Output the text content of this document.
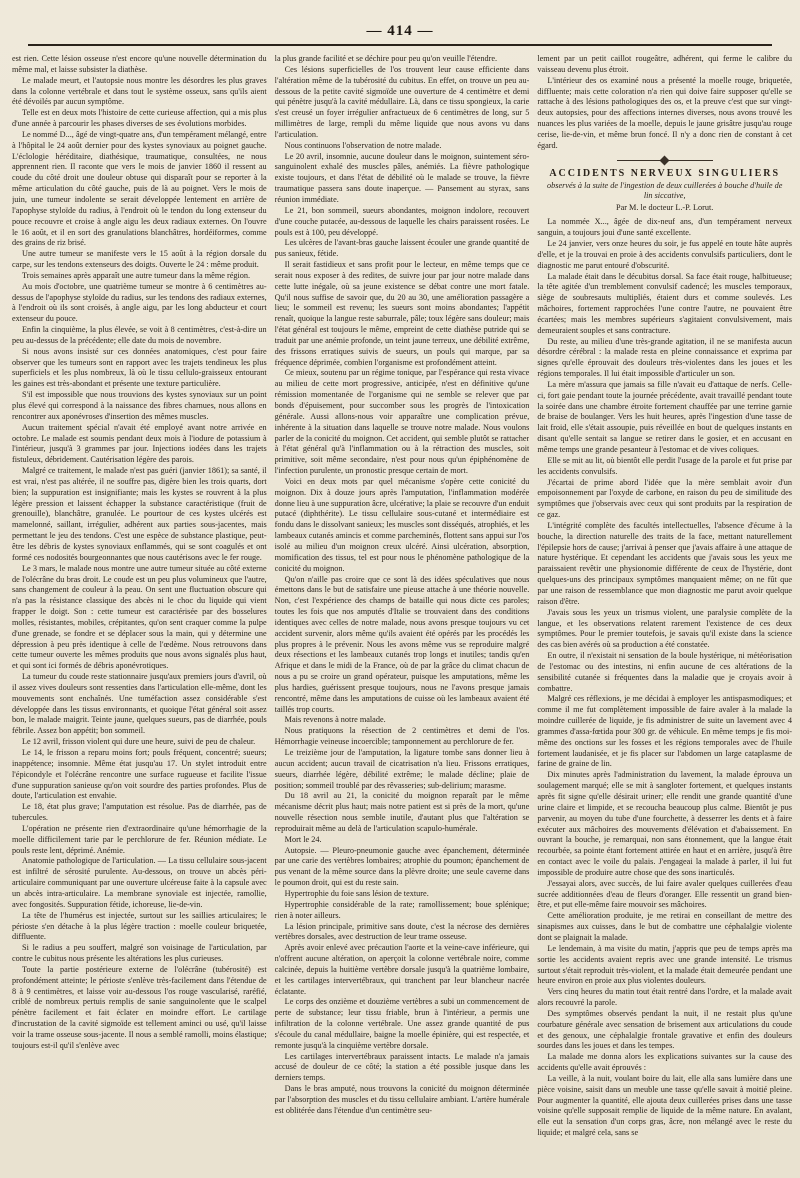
— 414 —

est rien. Cette lésion osseuse n'est encore qu'une nouvelle détermination du même mal, et laisse subsister la diathèse.

Le malade meurt, et l'autopsie nous montre les désordres les plus graves dans la colonne vertébrale et dans tout le système osseux, sans qu'ils aient été dévoilés par aucun symptôme.

Telle est en deux mots l'histoire de cette curieuse affection, qui a mis plus d'une année à parcourir les phases diverses de ses évolutions morbides.

Le nommé D..., âgé de vingt-quatre ans, d'un tempérament mélangé, entre à l'hôpital le 24 août dernier pour des kystes synoviaux au poignet gauche. L'éclologie héréditaire, diathésique, traumatique, consultées, ne nous apprennent rien. Il raconte que vers le mois de janvier 1860 il ressent au coude du côté droit une douleur obtuse qui disparaît pour se reporter à la même articulation du côté gauche, puis de là au poignet. Vers le mois de juin, une tumeur indolente se serait développée lentement en arrière de l'apophyse styloïde du radius, à l'endroit où le tendon du long extenseur du pouce recouvre et croise à angle aigu les deux radiaux externes. On l'ouvre le 16 août, et il en sort des granulations blanchâtres, hordéiformes, comme des grains de riz brisé.

Une autre tumeur se manifeste vers le 15 août à la région dorsale du carpe, sur les tendons extenseurs des doigts. Ouverte le 24 : même produit.

Trois semaines après apparaît une autre tumeur dans la même région.

Au mois d'octobre, une quatrième tumeur se montre à 6 centimètres au-dessus de l'apophyse styloïde du radius, sur les tendons des radiaux externes, à l'endroit où ils sont croisés, à angle aigu, par les long abducteur et court extenseur du pouce.

Enfin la cinquième, la plus élevée, se voit à 8 centimètres, c'est-à-dire un peu au-dessus de la précédente; elle date du mois de novembre.

Si nous avons insisté sur ces données anatomiques, c'est pour faire observer que les tumeurs sont en rapport avec les trajets tendineux les plus superficiels et les plus nombreux, là où le tissu cellulo-graisseux entourant les gaines est très-abondant et présente une texture particulière.

S'il est impossible que nous trouvions des kystes synoviaux sur un point plus élevé qui correspond à la naissance des fibres charnues, nous allons en rencontrer aux aponévroses d'insertion des mêmes muscles.

Aucun traitement spécial n'avait été employé avant notre arrivée en octobre. Le malade est soumis pendant deux mois à l'iodure de potassium à l'intérieur, jusqu'à 3 grammes par jour. Injections iodées dans les trajets fistuleux, débridement. Cautérisation légère des parois.

Malgré ce traitement, le malade n'est pas guéri (janvier 1861); sa santé, il est vrai, n'est pas altérée, il ne souffre pas, digère bien les trois quarts, dort bien; la suppuration est insignifiante; mais les kystes se rouvrent à la plus légère pression et laissent échapper la substance caractéristique (fruit de grenouille), blanchâtre, granulée. Le pourtour de ces kystes ulcérés est mamelonné, saillant, irrégulier, adhérent aux parties sous-jacentes, mais permettant le jeu des tendons. C'est une espèce de substance plastique, peut-être les débris de kystes synoviaux enflammés, qui se sont coagulés et ont formé ces nodosités bourgeonnantes que nous cautérisons avec le fer rouge.

Le 3 mars, le malade nous montre une autre tumeur située au côté externe de l'olécrâne du bras droit. Le coude est un peu plus volumineux que l'autre, sans changement de couleur à la peau. On sent une fluctuation obscure qui n'a pas la résistance classique des abcès ni le choc du liquide qui vient frapper le doigt. Son : cette tumeur est caractérisée par des bosselures molles, résistantes, mobiles, crépitantes, qu'on sent craquer comme la pulpe d'une grenade, se fondre et se déplacer sous la main, qui y détermine une dépression à peu près identique à celle de l'œdème. Nous retrouvons dans cette tumeur ouverte les mêmes produits que nous avons signalés plus haut, et qui sont ici formés de débris aponévrotiques.

La tumeur du coude reste stationnaire jusqu'aux premiers jours d'avril, où il assez vives douleurs sont ressenties dans l'articulation elle-même, dont les mouvements sont enchaînés. Une tuméfaction assez considérable s'est développée dans les tissus environnants, et quoique l'état général soit assez bon, le malade maigrit. Teinte jaune, quelques sueurs, pas de diarrhée, pouls fébrile. Assez bon appétit; bon sommeil.

Le 12 avril, frisson violent qui dure une heure, suivi de peu de chaleur.

Le 14, le frisson a reparu moins fort; pouls fréquent, concentré; sueurs; inappétence; insomnie. Même état jusqu'au 17. Un stylet introduit entre l'épicondyle et l'olécrâne rencontre une surface rugueuse et facilite l'issue d'une suppuration sanieuse qu'on voit sourdre des parties profondes. Plus de doute, l'articulation est envahie.

Le 18, état plus grave; l'amputation est résolue. Pas de diarrhée, pas de tubercules.

L'opération ne présente rien d'extraordinaire qu'une hémorrhagie de la moelle difficilement tarie par le perchlorure de fer. Réunion médiate. Le pouls reste lent, déprimé. Anémie.

Anatomie pathologique de l'articulation. — La tissu cellulaire sous-jacent est infiltré de sérosité purulente. Au-dessous, on trouve un abcès péri-articulaire communiquant par une ouverture ulcéreuse faite à la capsule avec un abcès intra-articulaire. La membrane synoviale est injectée, ramollie, avec fongosités. Suppuration fétide, ichoreuse, lie-de-vin.

La tête de l'humérus est injectée, surtout sur les saillies articulaires; le périoste s'en détache à la plus légère traction : moelle couleur briquetée, diffluente.

Si le radius a peu souffert, malgré son voisinage de l'articulation, par contre le cubitus nous présente les altérations les plus curieuses.

Toute la partie postérieure externe de l'olécrâne (tubérosité) est profondément atteinte; le périoste s'enlève très-facilement dans l'étendue de 8 à 9 centimètres, et laisse voir au-dessous l'os rouge vascularisé, raréfié, criblé de nombreux pertuis remplis de sanie sanguinolente que le scalpel pénètre facilement et fait éclater en moindre effort. Le cartilage d'incrustation de la cavité sigmoïde est tellement aminci ou usé, qu'il laisse voir la trame osseuse sous-jacente. Il nous a semblé ramolli, moins élastique; toujours est-il qu'il s'enlève avec

la plus grande facilité et se déchire pour peu qu'on veuille l'étendre.

Ces lésions superficielles de l'os trouvent leur cause efficiente dans l'altération même de la tubérosité du cubitus. En effet, on trouve un peu au-dessous de la petite cavité sigmoïde une ouverture de 4 centimètre et demi qui pénètre jusqu'à la cavité médullaire. Là, dans ce tissu spongieux, la carie s'est creusé un foyer irrégulier anfractueux de 6 centimètres de long, sur 5 millimètres de large, rempli du même liquide que nous avons vu dans l'articulation.

Nous continuons l'observation de notre malade.

Le 20 avril, insomnie, aucune douleur dans le moignon, suintement séro-sanguinolent exhalé des muscles pâles, anémiés. La fièvre pathologique existe toujours, et dans l'état de débilité où le malade se trouve, la fièvre traumatique passera sans doute inaperçue. — Pansement au styrax, sans réunion immédiate.

Le 21, bon sommeil, sueurs abondantes, moignon indolore, recouvert d'une couche putacée, au-dessous de laquelle les chairs paraissent rosées. Le pouls est à 100, peu développé.

Les ulcères de l'avant-bras gauche laissent écouler une grande quantité de pus sanieux, fétide.

Il serait fastidieux et sans profit pour le lecteur, en même temps que ce serait nous exposer à des redites, de suivre jour par jour notre malade dans cette lutte inégale, où sa jeune existence se débat contre une mort fatale. Qu'il nous suffise de savoir que, du 20 au 30, une amélioration passagère a lieu; le sommeil est revenu; les sueurs sont moins abondantes; l'appétit renaît, quoique la langue reste saburrale, pâle; toux légère sans douleur; mais l'état général est toujours le même, empreint de cette diathèse putride qui se traduit par une anémie profonde, un teint jaune terreux, une débilité extrême, des frissons erratiques suivis de sueurs, un pouls qui marque, par sa fréquence déprimée, combien l'organisme est profondément atteint.

Ce mieux, soutenu par un régime tonique, par l'espérance qui resta vivace au milieu de cette mort progressive, anticipée, n'est en définitive qu'une rémission momentanée de l'organisme qui ne semble se relever que par bonds d'épuisement, pour succomber sous les progrès de l'intoxication générale. Aussi allons-nous voir apparaître une complication prévue, inhérente à la situation dans laquelle se trouve notre malade. Nous voulons parler de la conicité du moignon. Cet accident, qui semble plutôt se rattacher à l'état général qu'à l'inflammation ou à la rétraction des muscles, soit primitive, soit même secondaire, n'est pour nous qu'un épiphénomène de l'infection purulente, un pronostic presque certain de mort.

Voici en deux mots par quel mécanisme s'opère cette conicité du moignon. Dix à douze jours après l'amputation, l'inflammation modérée donne lieu à une suppuration âcre, ulcérative; la plaie se recouvre d'un enduit putacé (diphthérite). Le tissu cellulaire sous-cutané et intermédiaire est fondu dans le dissolvant sanieux; les muscles sont disséqués, atrophiés, et les lambeaux cutanés amincis et comme parcheminés, flottent sans appui sur l'os isolé au milieu d'un moignon creux ulcéré. Ainsi ulcération, absorption, momification des tissus, tel est pour nous le phénomène pathologique de la conicité du moignon.

Qu'on n'aille pas croire que ce sont là des idées spéculatives que nous émettons dans le but de satisfaire une pieuse attache à une théorie nouvelle. Non, c'est l'expérience des champs de bataille qui nous dicte ces paroles; toutes les fois que nos amputés d'Italie se trouvaient dans des conditions identiques avec celles de notre malade, nous avons presque toujours vu cet accident survenir, alors même qu'ils avaient été opérés par les procédés les plus propres à le prévenir. Nous les avons même vus se reproduire malgré deux résections et les lambeaux cutanés trop longs et inutiles; tandis qu'en Afrique et dans le midi de la France, où de par la grâce du climat chacun de nous a pu se croire un grand opérateur, puisque les amputations, même les plus hardies, guérissent presque toujours, nous ne l'avons presque jamais rencontré, même dans les amputations de cuisse où les lambeaux avaient été taillés trop courts.

Mais revenons à notre malade.

Nous pratiquons la résection de 2 centimètres et demi de l'os. Hémorrhagie veineuse incoercible; tamponnement au perchlorure de fer.

Le treizième jour de l'amputation, la ligature tombe sans donner lieu à aucun accident; aucun travail de cicatrisation n'a lieu. Frissons erratiques, sueurs, diarrhée légère, débilité extrême; le malade décline; plaie de position; sommeil troublé par des rêvasseries; sub-delirium; marasme.

Du 18 avril au 21, la conicité du moignon reparaît par le même mécanisme décrit plus haut; mais notre patient est si près de la mort, qu'une nouvelle résection nous semble inutile, d'autant plus que l'altération se reproduirait même au delà de l'articulation scapulo-humérale.

Mort le 24.

Autopsie. — Pleuro-pneumonie gauche avec épanchement, déterminée par une carie des vertèbres lombaires; atrophie du poumon; épanchement de pus venant de la même source dans la plèvre droite; une seule caverne dans le poumon droit, qui est du reste sain.

Hypertrophie du foie sans lésion de texture.

Hypertrophie considérable de la rate; ramollissement; boue splénique; rien à noter ailleurs.

La lésion principale, primitive sans doute, c'est la nécrose des dernières vertèbres dorsales, avec destruction de leur trame osseuse.

Après avoir enlevé avec précaution l'aorte et la veine-cave inférieure, qui n'offrent aucune altération, on aperçoit la colonne vertébrale noire, comme calcinée, depuis la huitième vertèbre dorsale jusqu'à la quatrième lombaire, et les cartilages intervertébraux, qui tranchent par leur blancheur nacrée éclatante.

Le corps des onzième et douzième vertèbres a subi un commencement de perte de substance; leur tissu friable, brun à l'intérieur, a permis une infiltration de la colonne vertébrale. Une assez grande quantité de pus s'écoule du canal médullaire, baigne la moelle épinière, qui est respectée, et remonte jusqu'à la cinquième vertèbre dorsale.

Les cartilages intervertébraux paraissent intacts. Le malade n'a jamais accusé de douleur de ce côté; la station a été possible jusque dans les derniers temps.

Dans le bras amputé, nous trouvons la conicité du moignon déterminée par l'absorption des muscles et du tissu cellulaire ambiant. L'artère humérale est oblitérée dans l'étendue d'un centimètre seu-

lement par un petit caillot rougeâtre, adhérent, qui ferme le calibre du vaisseau devenu plus étroit.

L'intérieur des os examiné nous a présenté la moelle rouge, briquetée, diffluente; mais cette coloration n'a rien qui doive faire supposer qu'elle se rattache à des lésions pathologiques des os, et la preuve c'est que sur vingt-deux autopsies, pour des affections internes diverses, nous avons trouvé les nuances les plus variées de la moelle, depuis le jaune grisâtre jusqu'au rouge cerise, lie-de-vin, et même brun foncé. Il n'y a donc rien de constant à cet égard.

ACCIDENTS NERVEUX SINGULIERS
observés à la suite de l'ingestion de deux cuillerées à bouche d'huile de lin siccative,
Par M. le docteur L.-P. Lorut.

La nommée X..., âgée de dix-neuf ans, d'un tempérament nerveux sanguin, a toujours joui d'une santé excellente.

Le 24 janvier, vers onze heures du soir, je fus appelé en toute hâte auprès d'elle, et je la trouvai en proie à des accidents convulsifs particuliers, dont le diagnostic me parut entouré d'obscurité.

La malade était dans le décubitus dorsal. Sa face était rouge, halbitueuse; la tête agitée d'un tremblement convulsif cadencé; les muscles temporaux, siège de soubresauts multipliés, étaient durs et comme soulevés. Les mâchoires, fortement rapprochées l'une contre l'autre, ne pouvaient être écartées; mais les membres supérieurs s'agitaient convulsivement, mais demeuraient souples et sans contracture.

Du reste, au milieu d'une très-grande agitation, il ne se manifesta aucun désordre cérébral : la malade resta en pleine connaissance et exprima par signes qu'elle éprouvait des douleurs très-violentes dans les joues et les régions temporales. Il lui était impossible d'articuler un son.

La mère m'assura que jamais sa fille n'avait eu d'attaque de nerfs. Celle-ci, fort gaie pendant toute la journée précédente, avait travaillé pendant toute la soirée dans une chambre étroite fortement chauffée par une terrine garnie de braise de boulanger. Vers les huit heures, après l'ingestion d'une tasse de lait froid, elle s'était assoupie, puis réveillée en bout de quelques instants en disant qu'elle sentait sa langue se retirer dans le gosier, et en accusant en même temps une grande pesanteur à l'estomac et de vives coliques.

Elle se mit au lit, où bientôt elle perdit l'usage de la parole et fut prise par les accidents convulsifs.

J'écartai de prime abord l'idée que la mère semblait avoir d'un empoisonnement par l'oxyde de carbone, en raison du peu de similitude des symptômes que j'observais avec ceux qui sont produits par la respiration de ce gaz.

L'intégrité complète des facultés intellectuelles, l'absence d'écume à la bouche, la direction naturelle des traits de la face, mettant naturellement l'épilepsie hors de cause; j'arrivai à penser que j'avais affaire à une attaque de nature hystérique. Et cependant les accidents que j'avais sous les yeux me paraissaient revêtir une physionomie différente de ceux de l'hystérie, dont quelques-uns des principaux symptômes manquaient même; on ne fût que par une raison de ressemblance que mon diagnostic me parut avoir quelque raison d'être.

J'avais sous les yeux un trismus violent, une paralysie complète de la langue, et les observations relatent rarement l'existence de ces deux symptômes. Pour le premier toutefois, je savais qu'il existe dans la science des cas bien avérés où sa production a été constatée.

En outre, il n'existait ni sensation de la boule hystérique, ni météorisation de l'estomac ou des intestins, ni enfin aucune de ces altérations de la sensibilité cutanée si fréquentes dans la maladie que je croyais avoir à combattre.

Malgré ces réflexions, je me décidai à employer les antispasmodiques; et comme il me fut complètement impossible de faire avaler à la malade la moindre cuillerée de liquide, je fis administrer de suite un lavement avec 4 grammes d'assa-fœtida pour 300 gr. de véhicule. En même temps je fis moi-même des onctions sur les fosses et les régions temporales avec de l'huile fortement laudanisée, et je fis placer sur l'abdomen un large cataplasme de farine de graine de lin.

Dix minutes après l'administration du lavement, la malade éprouva un soulagement marqué; elle se mit à sangloter fortement, et quelques instants après fit signe qu'elle désirait uriner; elle rendit une grande quantité d'une urine claire et limpide, et se recoucha beaucoup plus calme. Bientôt je pus parvenir, au moyen du tube d'une fourchette, à desserrer les dents et à faire exécuter aux mâchoires des mouvements d'élévation et d'abaissement. En ouvrant la bouche, je remarquai, non sans étonnement, que la langue était recourbée, sa pointe étant fortement attirée en haut et en arrière, jusqu'à être en contact avec le voile du palais. J'engageai la malade à parler, il lui fut impossible de produire autre chose que des sons inarticulés.

J'essayai alors, avec succès, de lui faire avaler quelques cuillerées d'eau sucrée additionnées d'eau de fleurs d'oranger. Elle ressentit un grand bien-être, et put elle-même faire mouvoir ses mâchoires.

Cette amélioration produite, je me retirai en conseillant de mettre des sinapismes aux cuisses, dans le but de combattre une céphalalgie violente dont se plaignait la malade.

Le lendemain, à ma visite du matin, j'appris que peu de temps après ma sortie les accidents avaient repris avec une grande intensité. Le trismus surtout s'était reproduit très-violent, et la malade était demeurée pendant une heure environ en proie aux plus violentes douleurs.

Vers cinq heures du matin tout était rentré dans l'ordre, et la malade avait alors recouvré la parole.

Des symptômes observés pendant la nuit, il ne restait plus qu'une courbature générale avec sensation de brisement aux articulations du coude et des genoux, une céphalalgie frontale gravative et enfin des douleurs sourdes dans les joues et dans les tempes.

La malade me donna alors les explications suivantes sur la cause des accidents qu'elle avait éprouvés :

La veille, à la nuit, voulant boire du lait, elle alla sans lumière dans une pièce voisine, saisit dans un meuble une tasse qu'elle savait à moitié pleine. Pour augmenter la quantité, elle ajouta deux cuillerées prises dans une tasse voisine qu'elle supposait remplie de liquide de la même nature. En avalant, elle eut la sensation d'un corps gras, âcre, non mélangé avec le reste du liquide; et malgré cela, sans se
